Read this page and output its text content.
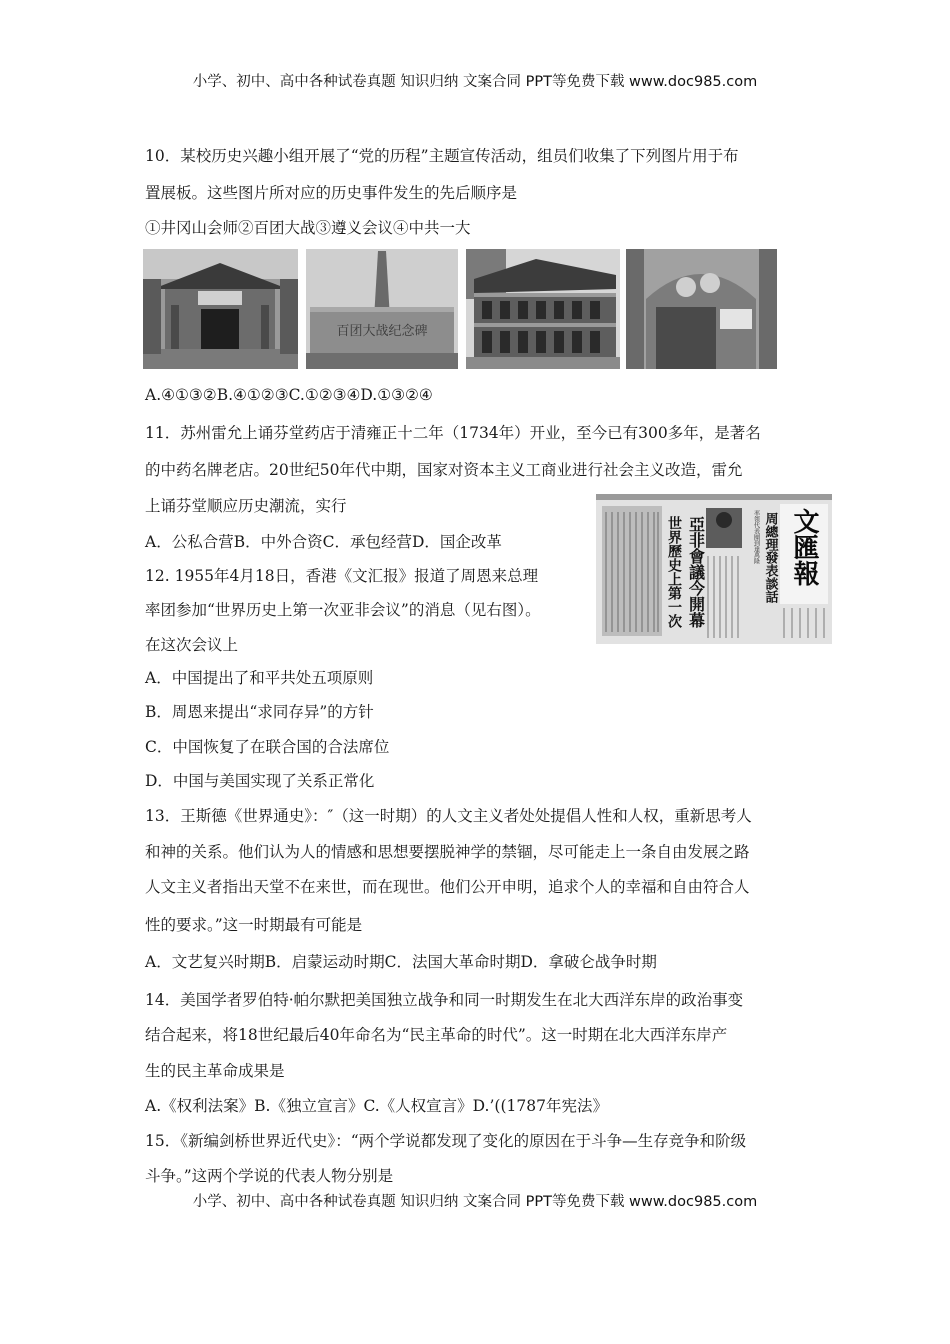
小学、初中、高中各种试卷真题 知识归纳 文案合同 PPT等免费下载 www.doc985.com
10．某校历史兴趣小组开展了“党的历程”主题宣传活动，组员们收集了下列图片用于布
置展板。这些图片所对应的历史事件发生的先后顺序是
①井冈山会师②百团大战③遵义会议④中共一大
百团大战纪念碑
A.④①③②B.④①②③C.①②③④D.①③②④
11．苏州雷允上诵芬堂药店于清雍正十二年（1734年）开业，至今已有300多年，是著名
的中药名牌老店。20世纪50年代中期，国家对资本主义工商业进行社会主义改造，雷允
上诵芬堂顺应历史潮流，实行
A．公私合营B．中外合资C．承包经营D．国企改革	世界歷史上第一次 亞非會議今開幕	率領代表團到達萬隆 周總理發表談話 文匯報
12. 1955年4月18日，香港《文汇报》报道了周恩来总理
率团参加“世界历史上第一次亚非会议”的消息（见右图）。
在这次会议上
A．中国提出了和平共处五项原则
B．周恩来提出“求同存异”的方针
C．中国恢复了在联合国的合法席位
D．中国与美国实现了关系正常化
13．王斯德《世界通史》：″（这一时期）的人文主义者处处提倡人性和人权，重新思考人
和神的关系。他们认为人的情感和思想要摆脱神学的禁锢，尽可能走上一条自由发展之路
人文主义者指出天堂不在来世，而在现世。他们公开申明，追求个人的幸福和自由符合人
性的要求。”这一时期最有可能是
A．文艺复兴时期B．启蒙运动时期C．法国大革命时期D．拿破仑战争时期
14．美国学者罗伯特·帕尔默把美国独立战争和同一时期发生在北大西洋东岸的政治事变
结合起来，将18世纪最后40年命名为“民主革命的时代”。这一时期在北大西洋东岸产
生的民主革命成果是
A.《权利法案》B.《独立宣言》C.《人权宣言》D.’((1787年宪法》
15．《新编剑桥世界近代史》：“两个学说都发现了变化的原因在于斗争—生存竞争和阶级
斗争。”这两个学说的代表人物分别是
小学、初中、高中各种试卷真题 知识归纳 文案合同 PPT等免费下载 www.doc985.com
